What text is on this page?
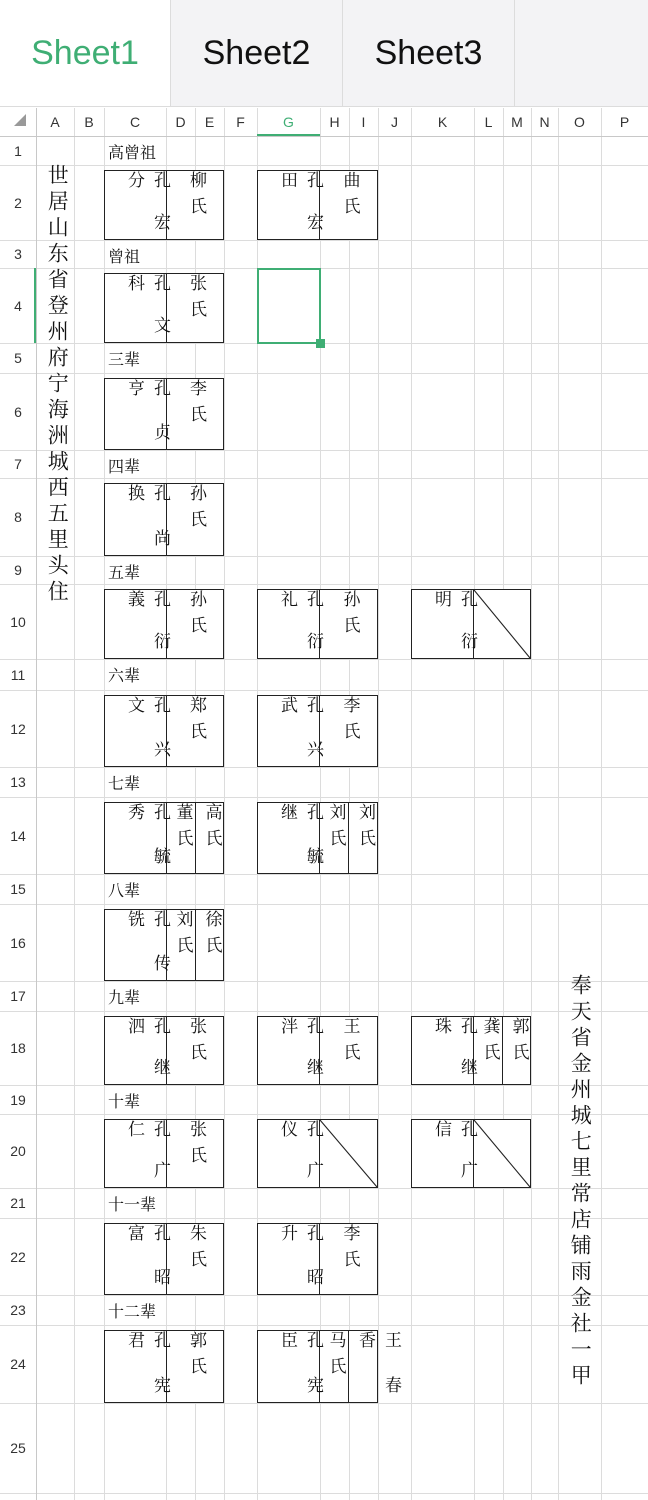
Sheet1	Sheet2	Sheet3
A	B	C	D	E	F	G	H	I	J	K	L	M	N	O	P
1
2
3
4
5
6
7
8
9
10
11
12
13
14
15
16
17
18
19
20
21
22
23
24
25
世居山东省登州府宁海洲城西五里头住
奉天省金州城七里常店铺雨金社一甲
高曾祖
孔宏分	柳氏	孔宏田	曲氏
曾祖
孔文科	张氏
三辈
孔贞亨	李氏
四辈
孔尚换	孙氏
五辈
孔衍義	孙氏	孔衍礼	孙氏	孔衍明
六辈
孔兴文	郑氏	孔兴武	李氏
七辈
孔毓秀	董氏 高氏	孔毓继	刘氏 刘氏
八辈
孔传铣	刘氏 徐氏
九辈
孔继泗	张氏	孔继泮	王氏	孔继珠	龚氏 郭氏
十辈
孔广仁	张氏	孔广仪	孔广信
十一辈
孔昭富	朱氏	孔昭升	李氏
十二辈
孔宪君	郭氏	孔宪臣	马氏	王春香
